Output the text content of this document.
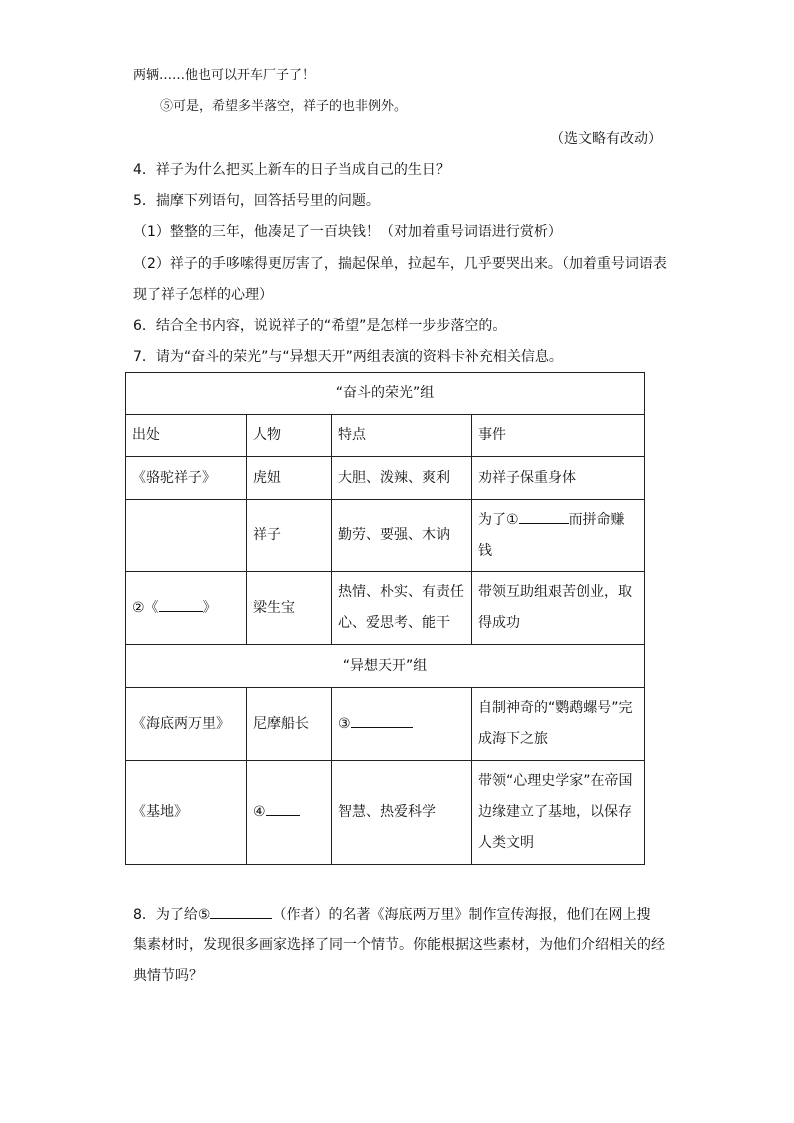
两辆……他也可以开车厂子了！
⑤可是，希望多半落空，祥子的也非例外。
（选文略有改动）
4．祥子为什么把买上新车的日子当成自己的生日？
5．揣摩下列语句，回答括号里的问题。
（1）整整的三年，他凑足了一百块钱！（对加着重号词语进行赏析）
（2）祥子的手哆嗦得更厉害了，揣起保单，拉起车，几乎要哭出来。（加着重号词语表
现了祥子怎样的心理）
6．结合全书内容，说说祥子的“希望”是怎样一步步落空的。
7．请为“奋斗的荣光”与“异想天开”两组表演的资料卡补充相关信息。
“奋斗的荣光”组			
出处	人物	特点	事件
《骆驼祥子》	虎妞	大胆、泼辣、爽利	劝祥子保重身体
	祥子	勤劳、要强、木讷	为了① 而拼命赚钱
②《 》	梁生宝	热情、朴实、有责任心、爱思考、能干	带领互助组艰苦创业，取得成功
“异想天开”组			
《海底两万里》	尼摩船长	③	自制神奇的“鹦鹉螺号”完成海下之旅
《基地》	④	智慧、热爱科学	带领“心理史学家”在帝国边缘建立了基地，以保存人类文明
8．为了给⑤	（作者）的名著《海底两万里》制作宣传海报，他们在网上搜
集素材时，发现很多画家选择了同一个情节。你能根据这些素材，为他们介绍相关的经
典情节吗？
